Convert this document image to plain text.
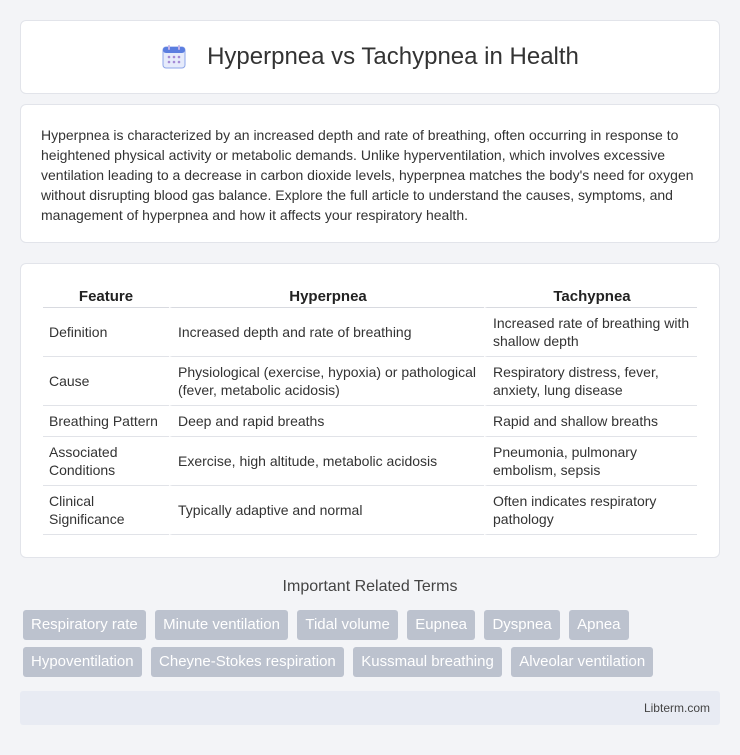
Hyperpnea vs Tachypnea in Health

Hyperpnea is characterized by an increased depth and rate of breathing, often occurring in response to heightened physical activity or metabolic demands. Unlike hyperventilation, which involves excessive ventilation leading to a decrease in carbon dioxide levels, hyperpnea matches the body's need for oxygen without disrupting blood gas balance. Explore the full article to understand the causes, symptoms, and management of hyperpnea and how it affects your respiratory health.

Feature	Hyperpnea	Tachypnea
Definition	Increased depth and rate of breathing	Increased rate of breathing with shallow depth
Cause	Physiological (exercise, hypoxia) or pathological (fever, metabolic acidosis)	Respiratory distress, fever, anxiety, lung disease
Breathing Pattern	Deep and rapid breaths	Rapid and shallow breaths
Associated Conditions	Exercise, high altitude, metabolic acidosis	Pneumonia, pulmonary embolism, sepsis
Clinical Significance	Typically adaptive and normal	Often indicates respiratory pathology
Important Related Terms
Respiratory rate Minute ventilation Tidal volume Eupnea Dyspnea Apnea Hypoventilation Cheyne-Stokes respiration Kussmaul breathing Alveolar ventilation
Libterm.com
